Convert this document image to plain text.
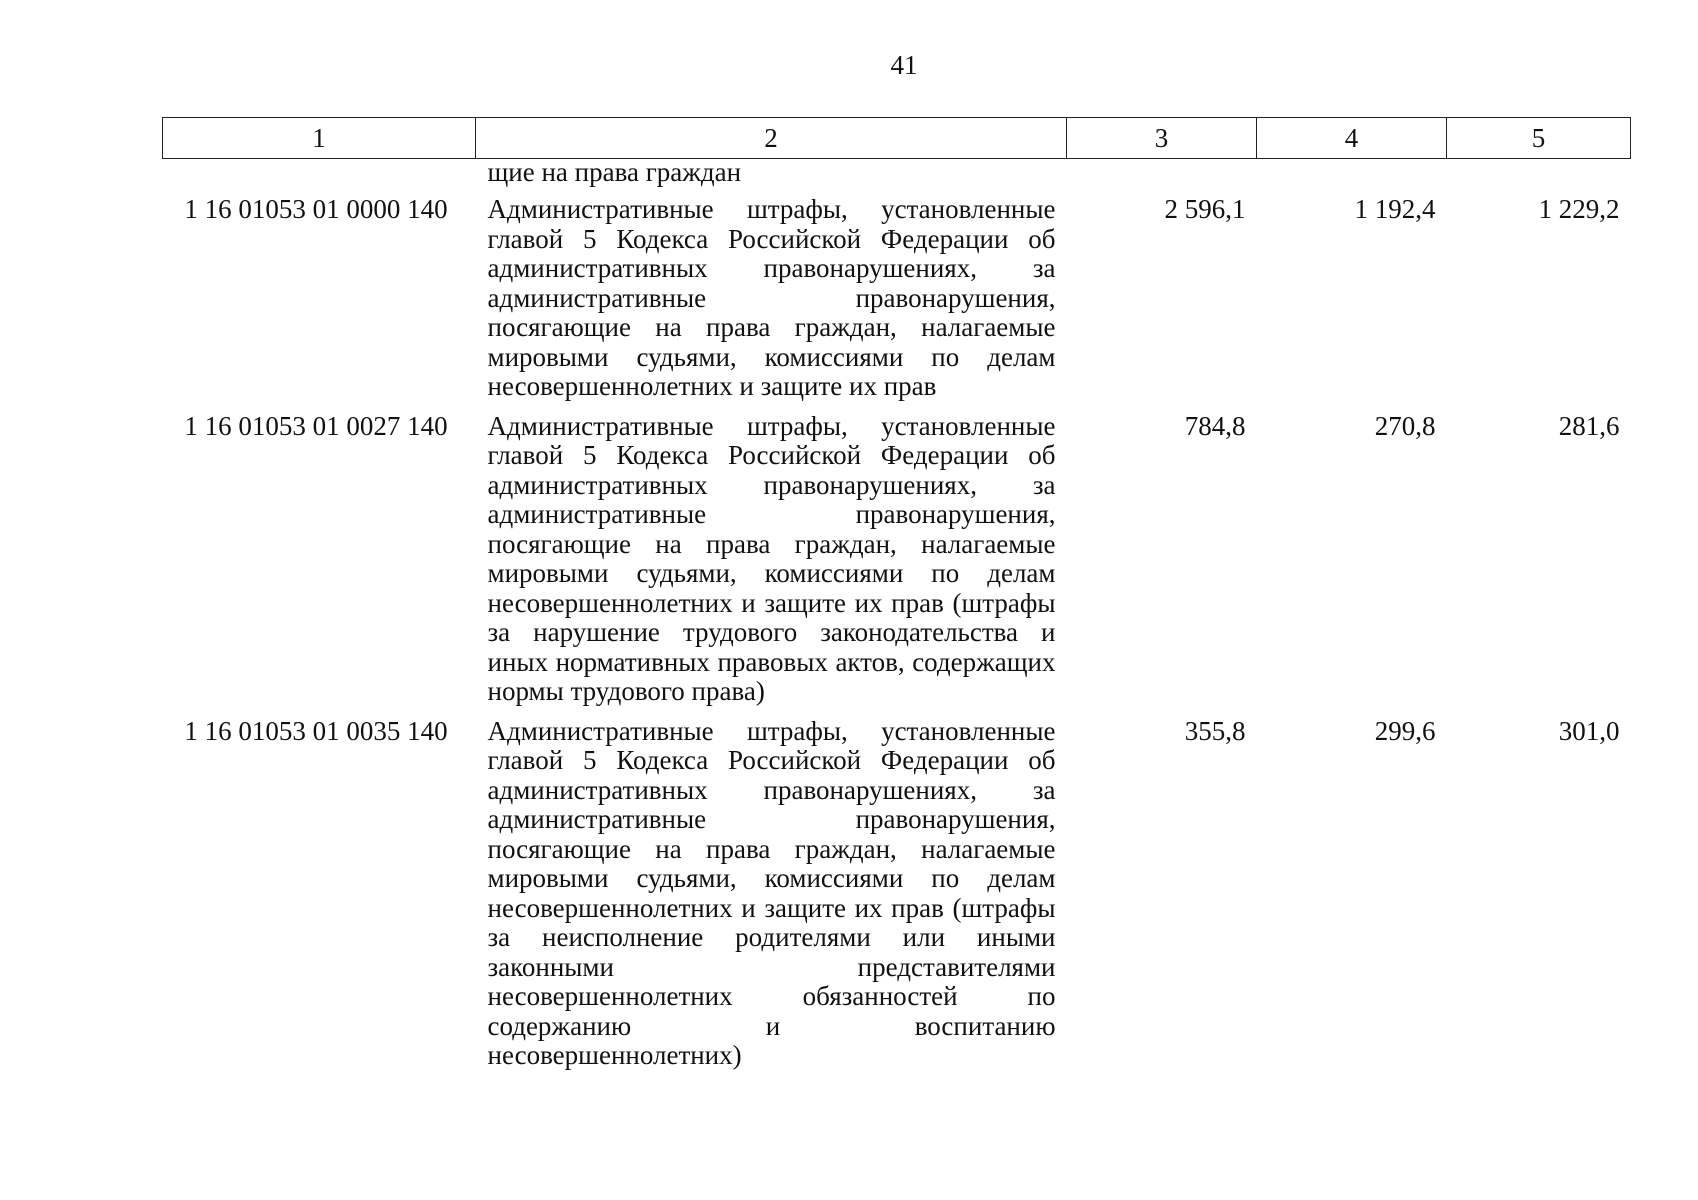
41
1	2	3	4	5
	щие на права граждан			
1 16 01053 01 0000 140	Административные штрафы, установленные главой 5 Кодекса Российской Федерации об административных правонарушениях, за административные правонарушения, посягающие на права граждан, налагаемые мировыми судьями, комиссиями по делам несовершеннолетних и защите их прав	2 596,1	1 192,4	1 229,2
1 16 01053 01 0027 140	Административные штрафы, установленные главой 5 Кодекса Российской Федерации об административных правонарушениях, за административные правонарушения, посягающие на права граждан, налагаемые мировыми судьями, комиссиями по делам несовершеннолетних и защите их прав (штрафы за нарушение трудового законодательства и иных нормативных правовых актов, содержащих нормы трудового права)	784,8	270,8	281,6
1 16 01053 01 0035 140	Административные штрафы, установленные главой 5 Кодекса Российской Федерации об административных правонарушениях, за административные правонарушения, посягающие на права граждан, налагаемые мировыми судьями, комиссиями по делам несовершеннолетних и защите их прав (штрафы за неисполнение родителями или иными законными представителями несовершеннолетних обязанностей по содержанию и воспитанию несовершеннолетних)	355,8	299,6	301,0
